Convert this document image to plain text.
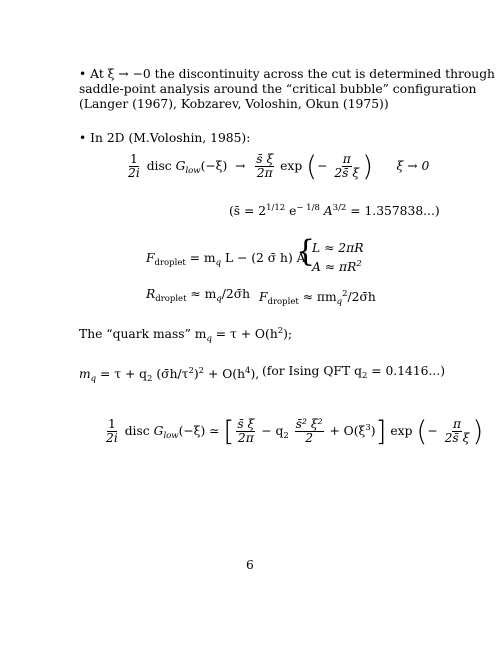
• At ξ → −0 the discontinuity across the cut is determined through
saddle-point analysis around the “critical bubble” configuration
(Langer (1967), Kobzarev, Voloshin, Okun (1975))
• In 2D (M.Voloshin, 1985):
$\frac{1}{2i}$ disc $G_{low}(-\xi) \to \frac{s̄ \xi}{2\pi}$ exp (− $\frac{\pi}{2s̄ \xi}$ ) ξ → 0
(s̄ = $2^{1/12}$ $e^{- 1/8}$ $A^{3/2} = 1.357838$...)
$F_{droplet} = m_q$ L − (2 σ̄ h) A
{
L ≈ 2πR
$A \approx \pi R^2$
$R_{droplet}$ ≈ $m_q/2\sigmāh$ $F_{droplet}$ ≈ $\pi m_q^2/2\sigmāh$
The “quark mass” $m_q = \tau + O(h^2)$;
$m_q = \tau + q_2$ $(\sigmāh/\tau^2)^2 + O(h^4)$, (for Ising QFT $q_2 = 0.1416$...)
$\frac{1}{2i}$ disc $G_{low}(-\xi)$ ≃ [ $\frac{s̄ \xi}{2\pi} - q_2 \frac{\text{s̄² ξ²}}{2} + O(\xi^3)$] exp (− $\frac{\pi}{2s̄ \xi}$ )
6
